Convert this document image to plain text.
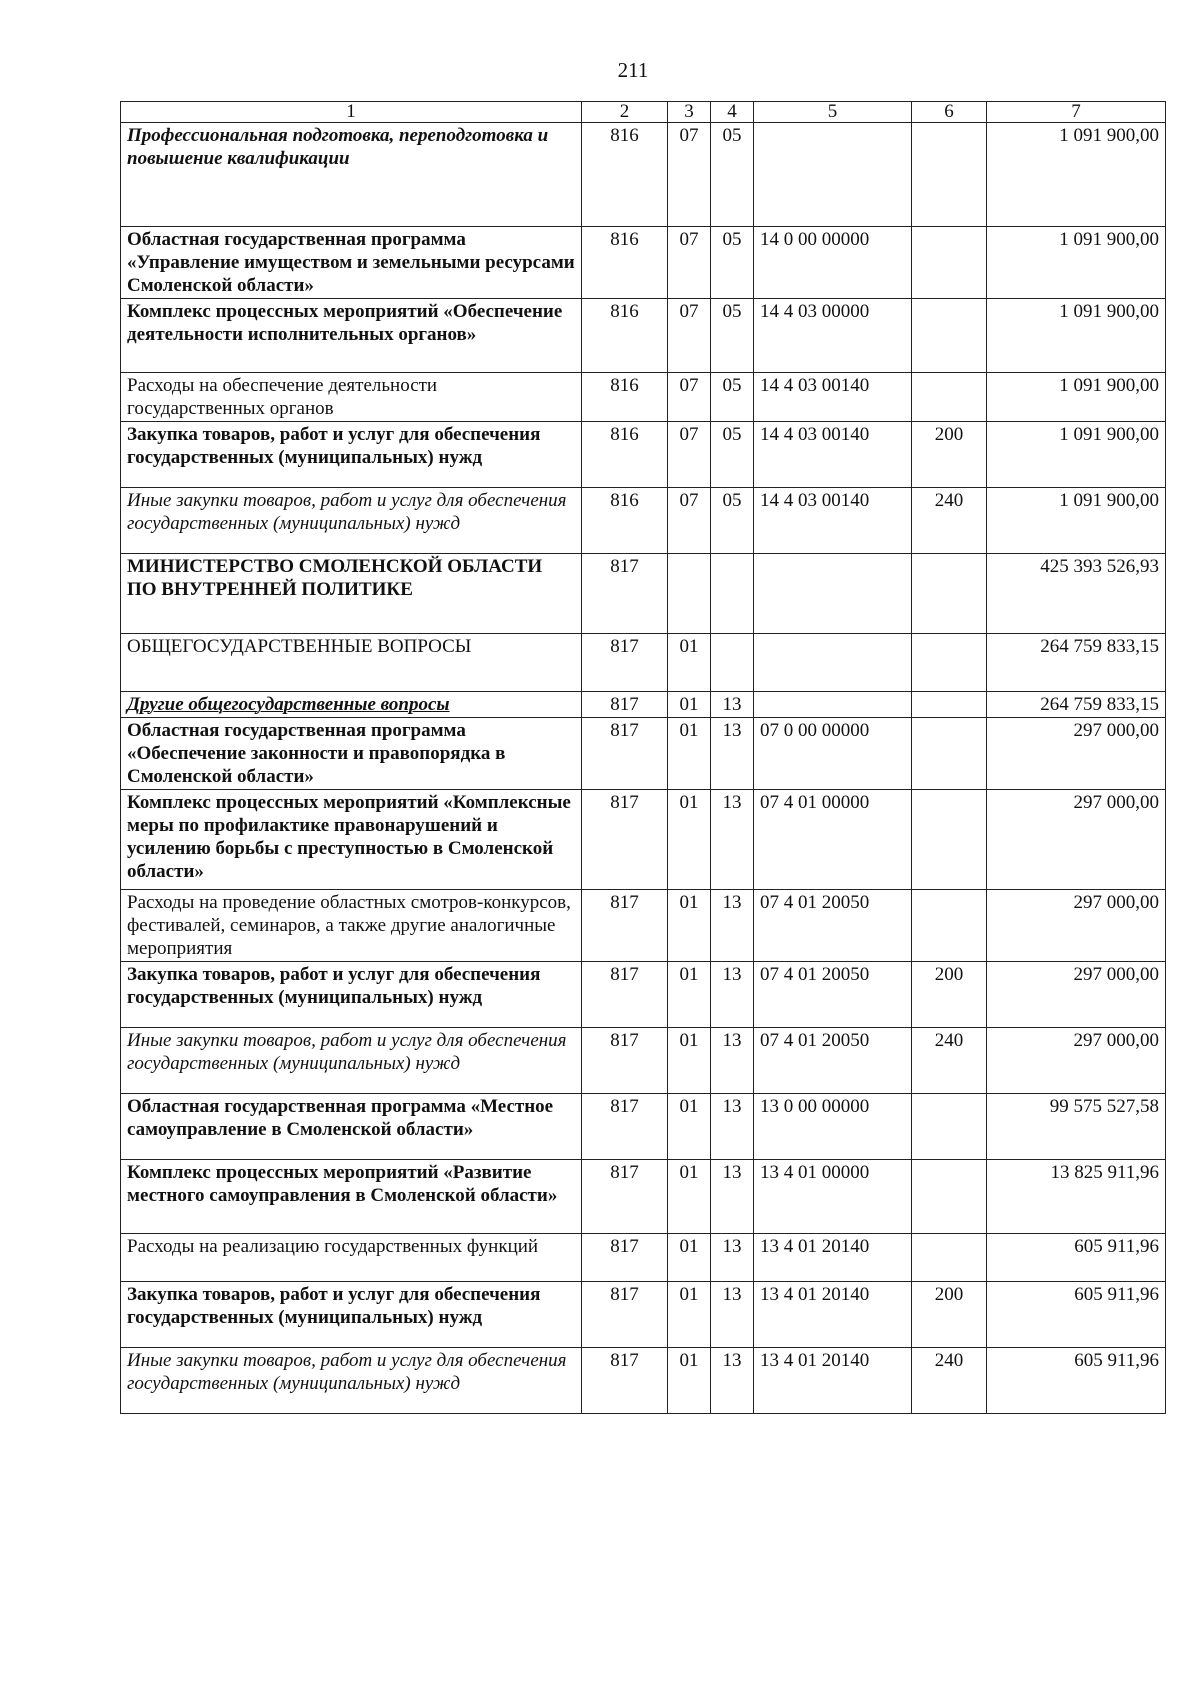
211
1	2	3	4	5	6	7
Профессиональная подготовка, переподготовка и повышение квалификации	816	07	05			1 091 900,00
Областная государственная программа «Управление имуществом и земельными ресурсами Смоленской области»	816	07	05	14 0 00 00000		1 091 900,00
Комплекс процессных мероприятий «Обеспечение деятельности исполнительных органов»	816	07	05	14 4 03 00000		1 091 900,00
Расходы на обеспечение деятельности государственных органов	816	07	05	14 4 03 00140		1 091 900,00
Закупка товаров, работ и услуг для обеспечения государственных (муниципальных) нужд	816	07	05	14 4 03 00140	200	1 091 900,00
Иные закупки товаров, работ и услуг для обеспечения государственных (муниципальных) нужд	816	07	05	14 4 03 00140	240	1 091 900,00
МИНИСТЕРСТВО СМОЛЕНСКОЙ ОБЛАСТИ ПО ВНУТРЕННЕЙ ПОЛИТИКЕ	817					425 393 526,93
ОБЩЕГОСУДАРСТВЕННЫЕ ВОПРОСЫ	817	01				264 759 833,15
Другие общегосударственные вопросы	817	01	13			264 759 833,15
Областная государственная программа «Обеспечение законности и правопорядка в Смоленской области»	817	01	13	07 0 00 00000		297 000,00
Комплекс процессных мероприятий «Комплексные меры по профилактике правонарушений и усилению борьбы с преступностью в Смоленской области»	817	01	13	07 4 01 00000		297 000,00
Расходы на проведение областных смотров-конкурсов, фестивалей, семинаров, а также другие аналогичные мероприятия	817	01	13	07 4 01 20050		297 000,00
Закупка товаров, работ и услуг для обеспечения государственных (муниципальных) нужд	817	01	13	07 4 01 20050	200	297 000,00
Иные закупки товаров, работ и услуг для обеспечения государственных (муниципальных) нужд	817	01	13	07 4 01 20050	240	297 000,00
Областная государственная программа «Местное самоуправление в Смоленской области»	817	01	13	13 0 00 00000		99 575 527,58
Комплекс процессных мероприятий «Развитие местного самоуправления в Смоленской области»	817	01	13	13 4 01 00000		13 825 911,96
Расходы на реализацию государственных функций	817	01	13	13 4 01 20140		605 911,96
Закупка товаров, работ и услуг для обеспечения государственных (муниципальных) нужд	817	01	13	13 4 01 20140	200	605 911,96
Иные закупки товаров, работ и услуг для обеспечения государственных (муниципальных) нужд	817	01	13	13 4 01 20140	240	605 911,96
